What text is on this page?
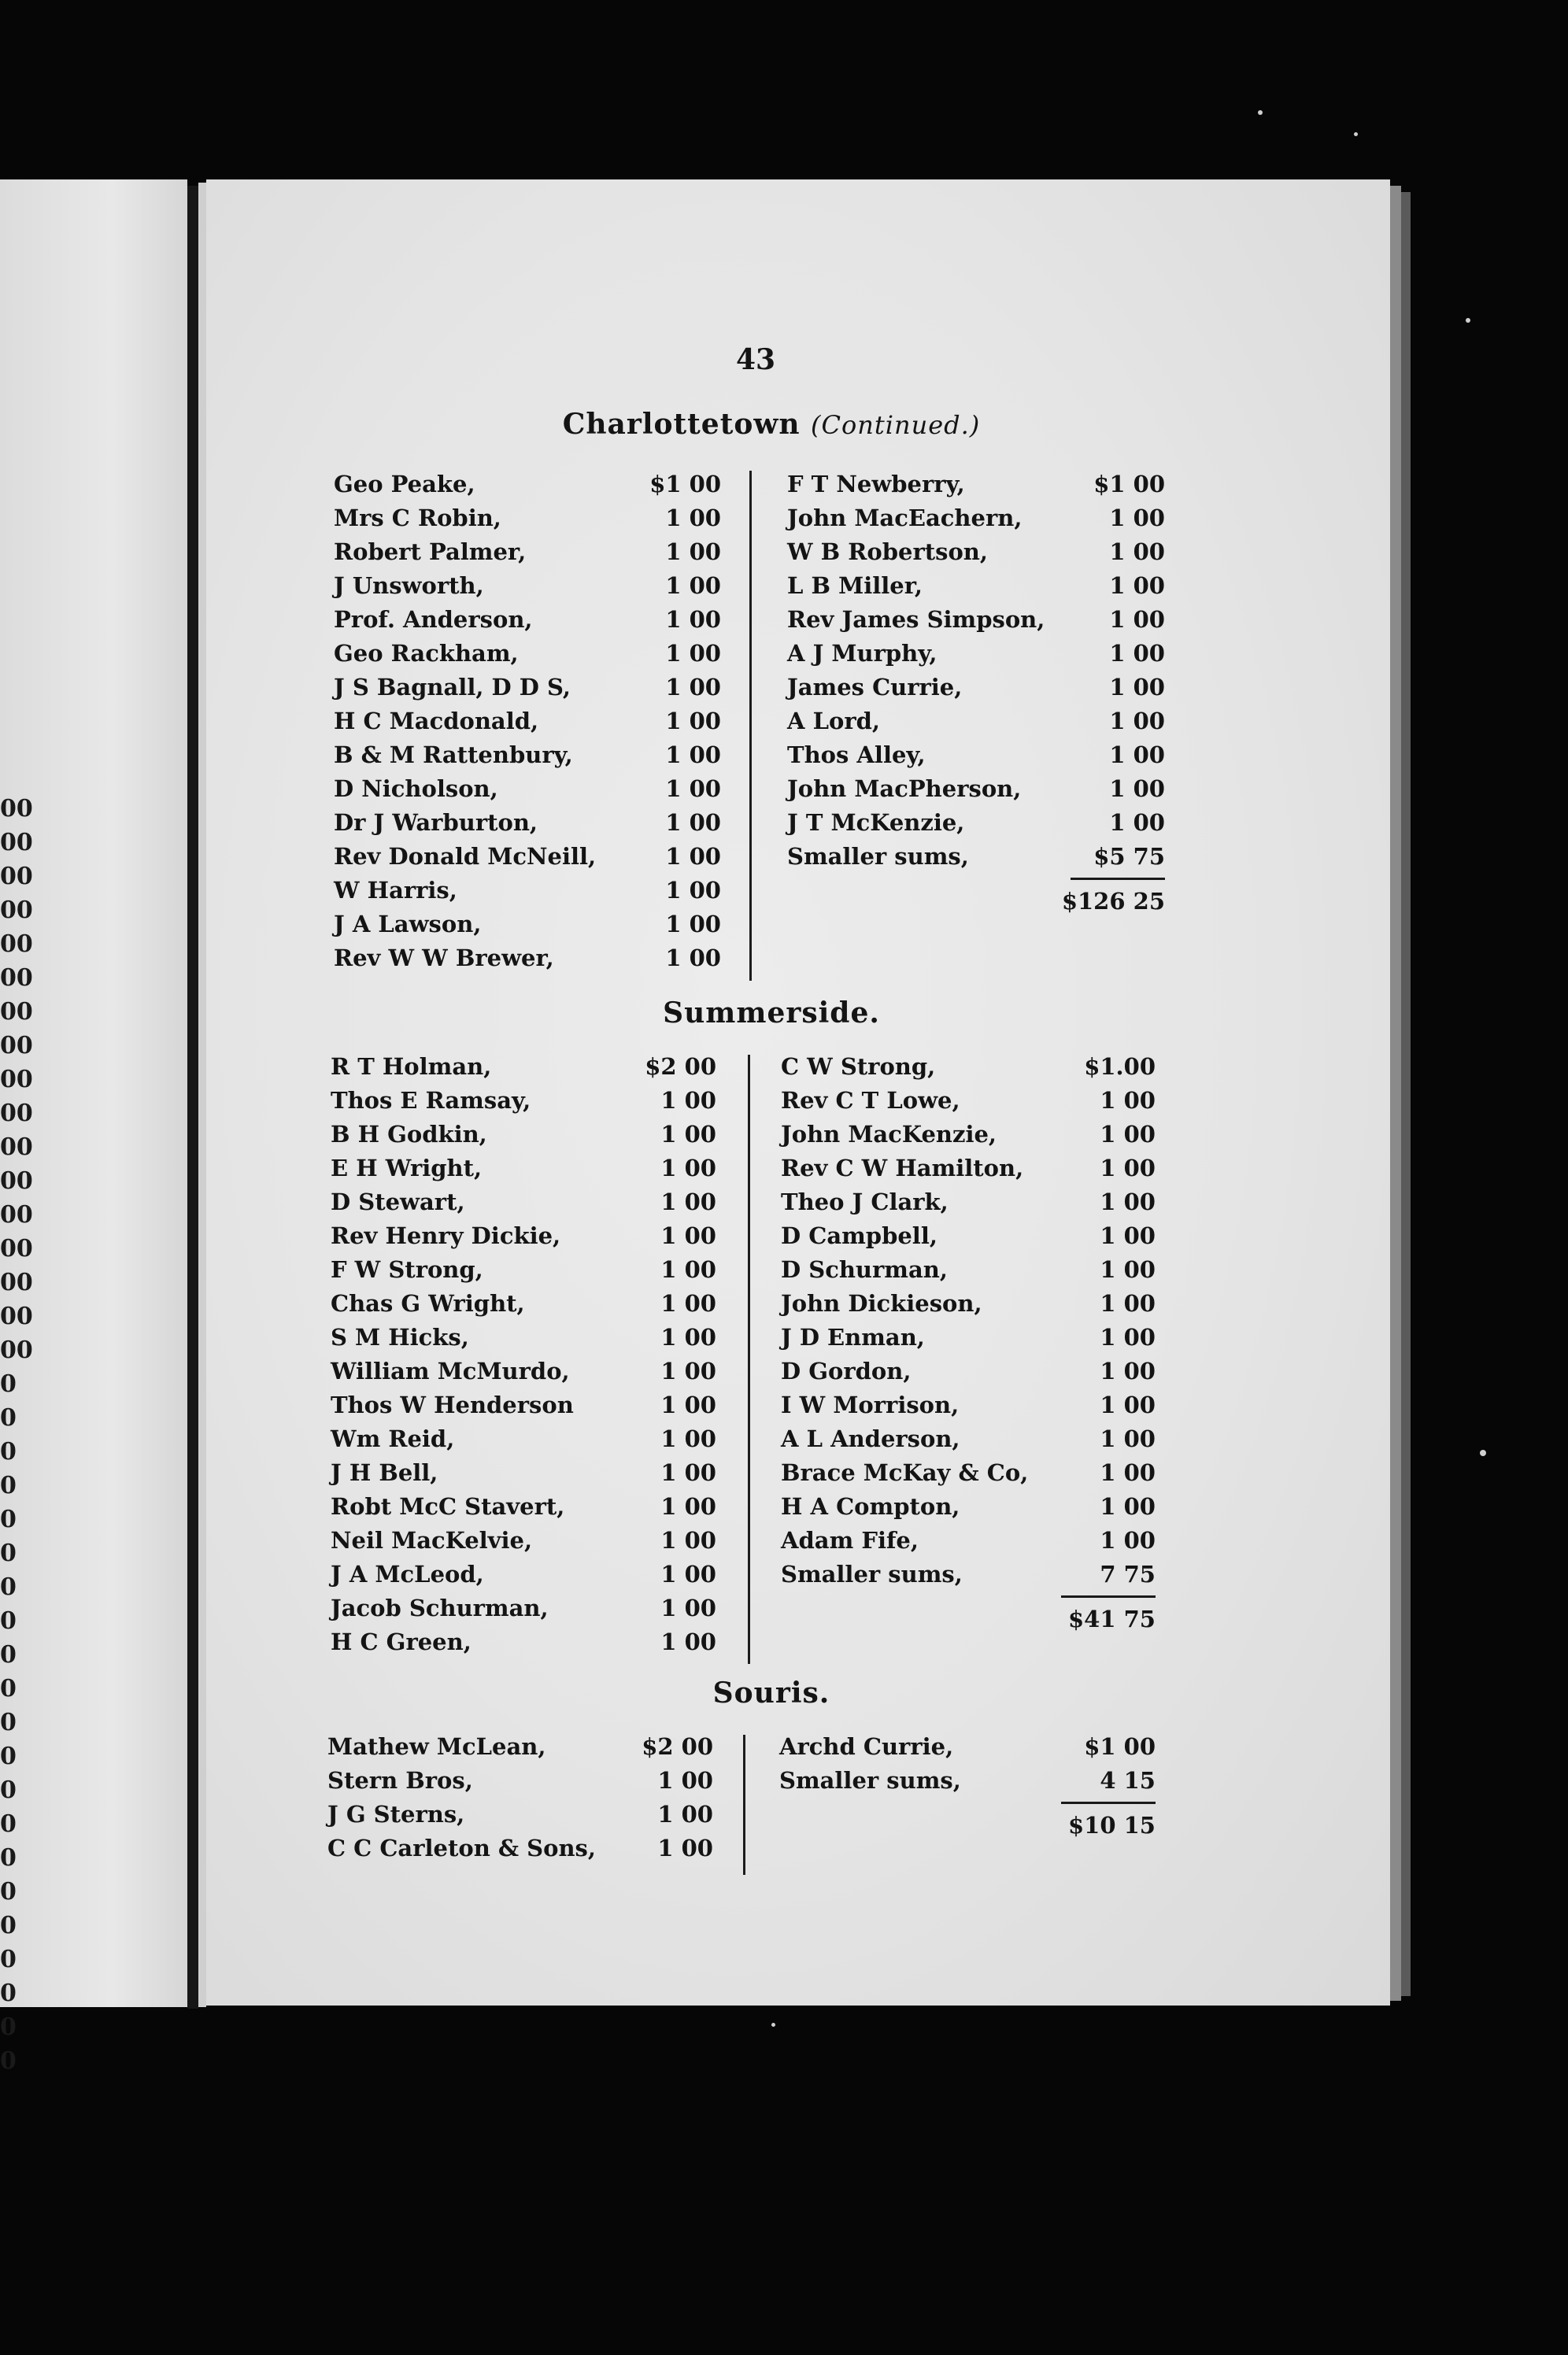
00
00
00
00
00
00
00
00
00
00
00
00
00
00
00
00
00
0
0
0
0
0
0
0
0
0
0
0
0
0
0
0
0
0
0
0
0
0
43
Charlottetown (Continued.)
Geo Peake,	$1 00
Mrs C Robin,	1 00
Robert Palmer,	1 00
J Unsworth,	1 00
Prof. Anderson,	1 00
Geo Rackham,	1 00
J S Bagnall, D D S,	1 00
H C Macdonald,	1 00
B & M Rattenbury,	1 00
D Nicholson,	1 00
Dr J Warburton,	1 00
Rev Donald McNeill,	1 00
W Harris,	1 00
J A Lawson,	1 00
Rev W W Brewer,	1 00
F T Newberry,	$1 00
John MacEachern,	1 00
W B Robertson,	1 00
L B Miller,	1 00
Rev James Simpson,	1 00
A J Murphy,	1 00
James Currie,	1 00
A Lord,	1 00
Thos Alley,	1 00
John MacPherson,	1 00
J T McKenzie,	1 00
Smaller sums,	$5 75
$126 25
Summerside.
R T Holman,	$2 00
Thos E Ramsay,	1 00
B H Godkin,	1 00
E H Wright,	1 00
D Stewart,	1 00
Rev Henry Dickie,	1 00
F W Strong,	1 00
Chas G Wright,	1 00
S M Hicks,	1 00
William McMurdo,	1 00
Thos W Henderson	1 00
Wm Reid,	1 00
J H Bell,	1 00
Robt McC Stavert,	1 00
Neil MacKelvie,	1 00
J A McLeod,	1 00
Jacob Schurman,	1 00
H C Green,	1 00
C W Strong,	$1.00
Rev C T Lowe,	1 00
John MacKenzie,	1 00
Rev C W Hamilton,	1 00
Theo J Clark,	1 00
D Campbell,	1 00
D Schurman,	1 00
John Dickieson,	1 00
J D Enman,	1 00
D Gordon,	1 00
I W Morrison,	1 00
A L Anderson,	1 00
Brace McKay & Co,	1 00
H A Compton,	1 00
Adam Fife,	1 00
Smaller sums,	7 75
$41 75
Souris.
Mathew McLean,	$2 00
Stern Bros,	1 00
J G Sterns,	1 00
C C Carleton & Sons,	1 00
Archd Currie,	$1 00
Smaller sums,	4 15
$10 15
